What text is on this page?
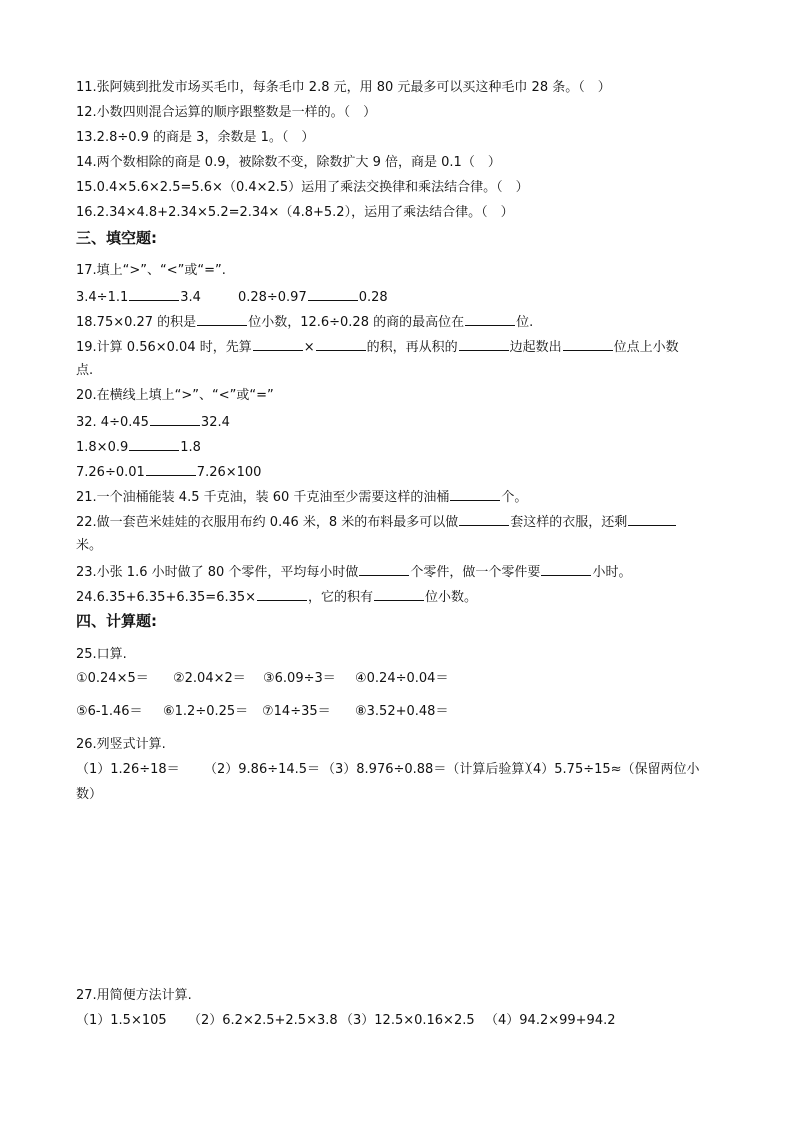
11.张阿姨到批发市场买毛巾，每条毛巾 2.8 元，用 80 元最多可以买这种毛巾 28 条。（　）
12.小数四则混合运算的顺序跟整数是一样的。（　）
13.2.8÷0.9 的商是 3，余数是 1。（　）
14.两个数相除的商是 0.9，被除数不变，除数扩大 9 倍，商是 0.1（　）
15.0.4×5.6×2.5=5.6×（0.4×2.5）运用了乘法交换律和乘法结合律。（　）
16.2.34×4.8+2.34×5.2=2.34×（4.8+5.2），运用了乘法结合律。（　）
三、填空题:
17.填上“>”、“<”或“=”.
3.4÷1.1	3.4	0.28÷0.97	0.28
18.75×0.27 的积是	位小数，12.6÷0.28 的商的最高位在	位.
19.计算 0.56×0.04 时，先算	×	的积，再从积的	边起数出	位点上小数
点.
20.在横线上填上“>”、“<”或“=”
32. 4÷0.45	32.4
1.8×0.9	1.8
7.26÷0.01	7.26×100
21.一个油桶能装 4.5 千克油，装 60 千克油至少需要这样的油桶	个。
22.做一套芭米娃娃的衣服用布约 0.46 米，8 米的布料最多可以做	套这样的衣服，还剩
米。
23.小张 1.6 小时做了 80 个零件，平均每小时做	个零件，做一个零件要	小时。
24.6.35+6.35+6.35=6.35×	，它的积有	位小数。
四、计算题:
25.口算.
①0.24×5＝ ②2.04×2＝ ③6.09÷3＝ ④0.24÷0.04＝
⑤6-1.46＝ ⑥1.2÷0.25＝ ⑦14÷35＝ ⑧3.52+0.48＝
26.列竖式计算.
（1）1.26÷18＝ （2）9.86÷14.5＝ （3）8.976÷0.88＝（计算后验算）（4）5.75÷15≈（保留两位小
数）
27.用简便方法计算.
（1）1.5×105 （2）6.2×2.5+2.5×3.8 （3）12.5×0.16×2.5 （4）94.2×99+94.2
